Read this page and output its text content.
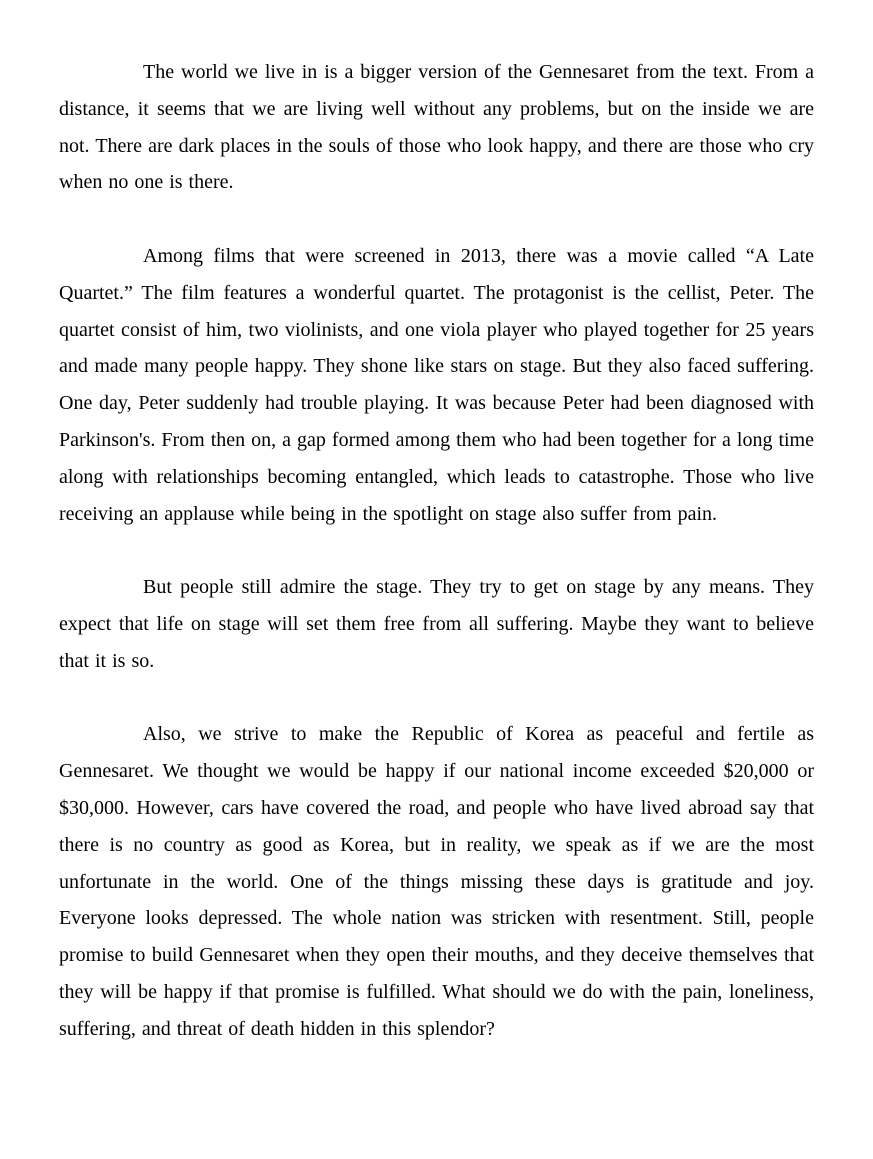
The world we live in is a bigger version of the Gennesaret from the text. From a distance, it seems that we are living well without any problems, but on the inside we are not. There are dark places in the souls of those who look happy, and there are those who cry when no one is there.

Among films that were screened in 2013, there was a movie called “A Late Quartet.” The film features a wonderful quartet. The protagonist is the cellist, Peter. The quartet consist of him, two violinists, and one viola player who played together for 25 years and made many people happy. They shone like stars on stage. But they also faced suffering. One day, Peter suddenly had trouble playing. It was because Peter had been diagnosed with Parkinson's. From then on, a gap formed among them who had been together for a long time along with relationships becoming entangled, which leads to catastrophe. Those who live receiving an applause while being in the spotlight on stage also suffer from pain.

But people still admire the stage. They try to get on stage by any means. They expect that life on stage will set them free from all suffering. Maybe they want to believe that it is so.

Also, we strive to make the Republic of Korea as peaceful and fertile as Gennesaret. We thought we would be happy if our national income exceeded $20,000 or $30,000. However, cars have covered the road, and people who have lived abroad say that there is no country as good as Korea, but in reality, we speak as if we are the most unfortunate in the world. One of the things missing these days is gratitude and joy. Everyone looks depressed. The whole nation was stricken with resentment. Still, people promise to build Gennesaret when they open their mouths, and they deceive themselves that they will be happy if that promise is fulfilled. What should we do with the pain, loneliness, suffering, and threat of death hidden in this splendor?
